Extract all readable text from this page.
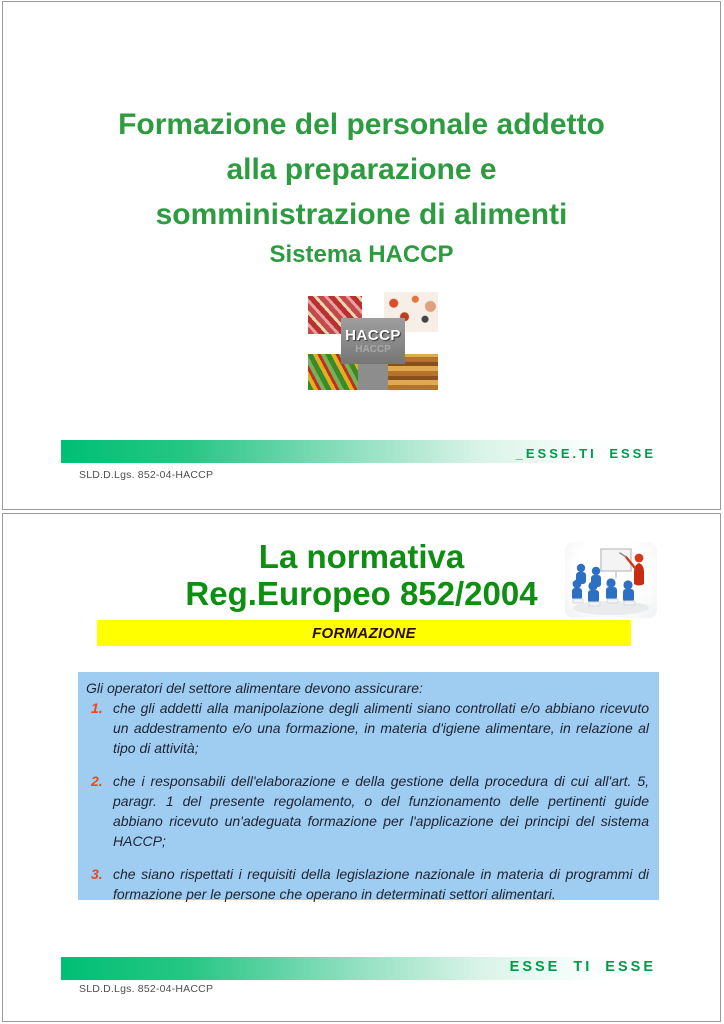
Formazione del personale addetto
alla preparazione e
somministrazione di alimenti
Sistema HACCP
HACCP
HACCP
_ESSE.TI ESSE
SLD.D.Lgs. 852-04-HACCP
La normativa
Reg.Europeo 852/2004
FORMAZIONE

Gli operatori del settore alimentare devono assicurare:

1. che gli addetti alla manipolazione degli alimenti siano controllati e/o abbiano ricevuto un addestramento e/o una formazione, in materia d'igiene alimentare, in relazione al tipo di attività;
2. che i responsabili dell'elaborazione e della gestione della procedura di cui all'art. 5, paragr. 1 del presente regolamento, o del funzionamento delle pertinenti guide abbiano ricevuto un'adeguata formazione per l'applicazione dei principi del sistema HACCP;
3. che siano rispettati i requisiti della legislazione nazionale in materia di programmi di formazione per le persone che operano in determinati settori alimentari.
ESSE TI ESSE
SLD.D.Lgs. 852-04-HACCP
